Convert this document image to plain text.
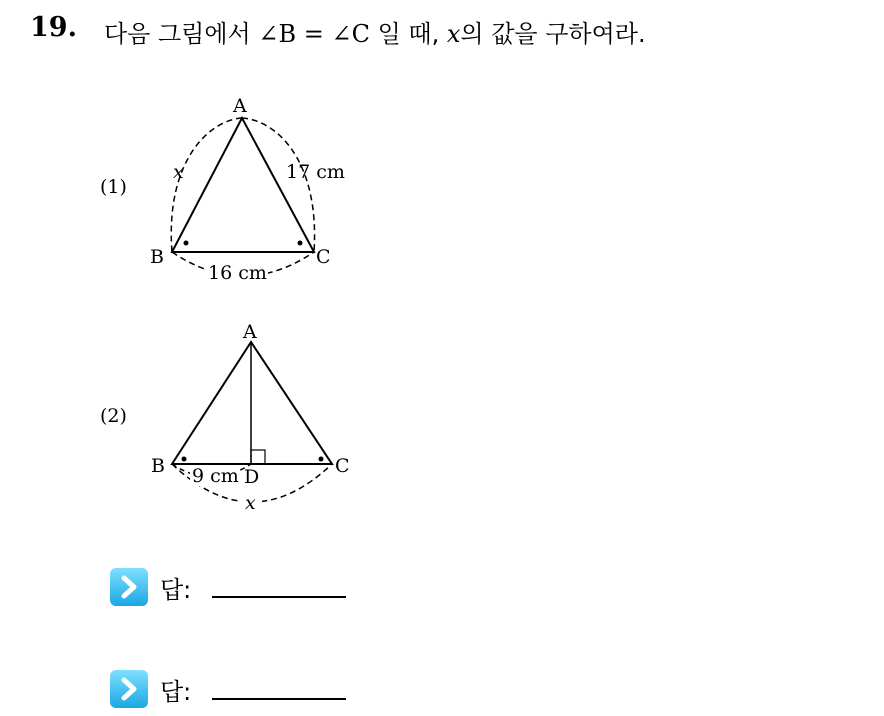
19. 다음 그림에서 ∠B = ∠C 일 때, x의 값을 구하여라.
(1)
A
B	C
x	17 cm
16 cm
(2)
A
B	C
D
9 cm
x
답:
답:
